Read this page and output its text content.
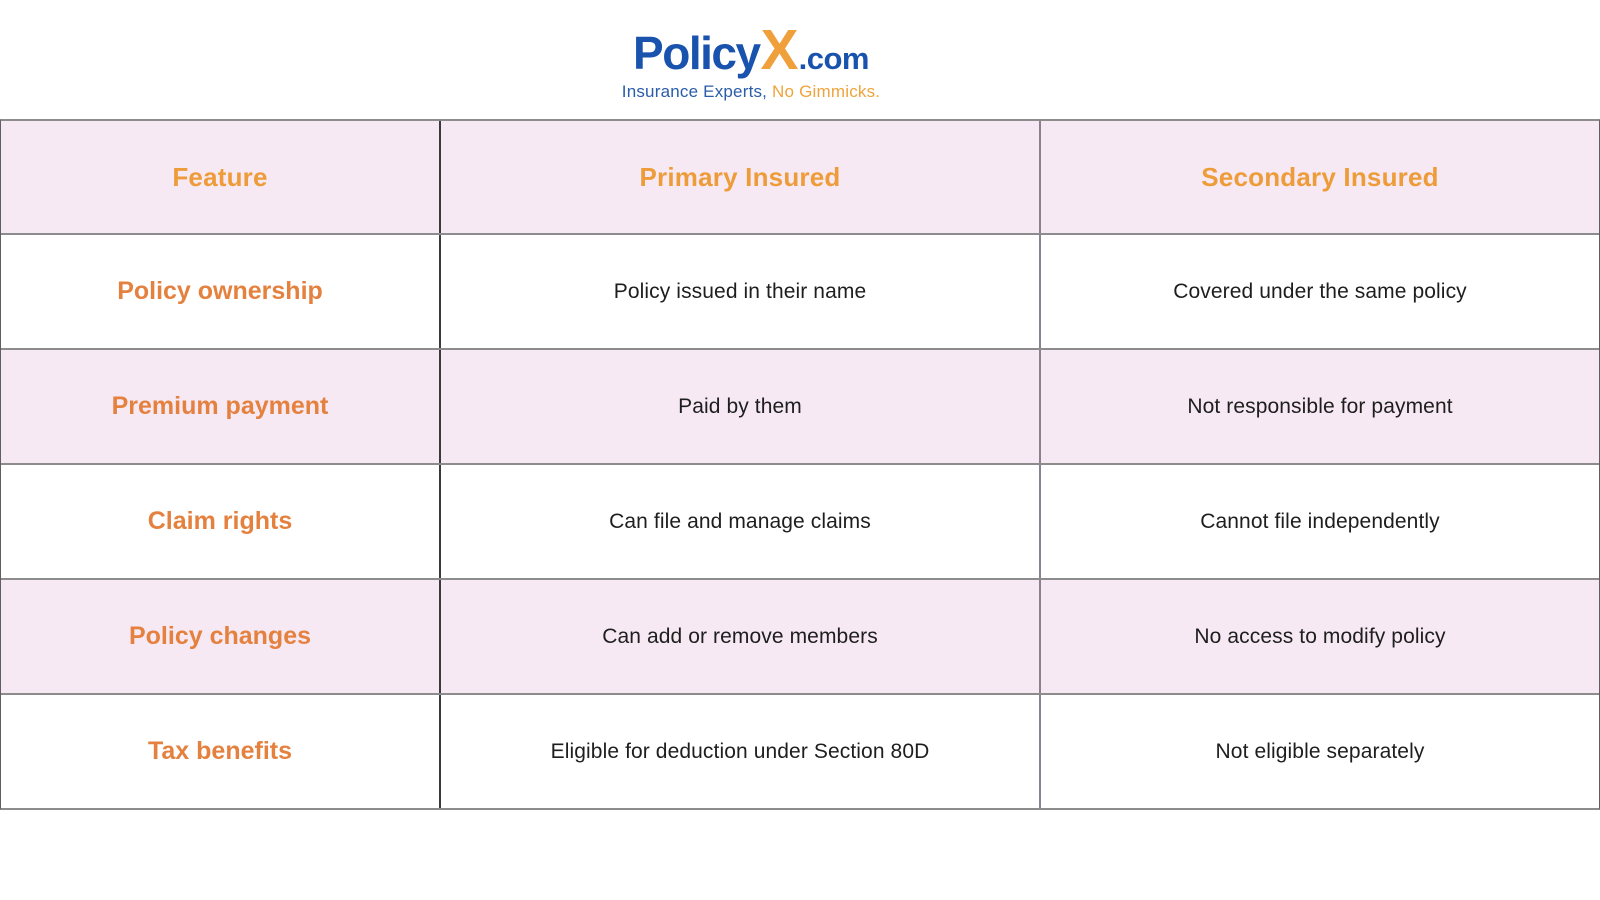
Policy X .com
Insurance Experts, No Gimmicks.
Feature	Primary Insured	Secondary Insured
Policy ownership	Policy issued in their name	Covered under the same policy
Premium payment	Paid by them	Not responsible for payment
Claim rights	Can file and manage claims	Cannot file independently
Policy changes	Can add or remove members	No access to modify policy
Tax benefits	Eligible for deduction under Section 80D	Not eligible separately
